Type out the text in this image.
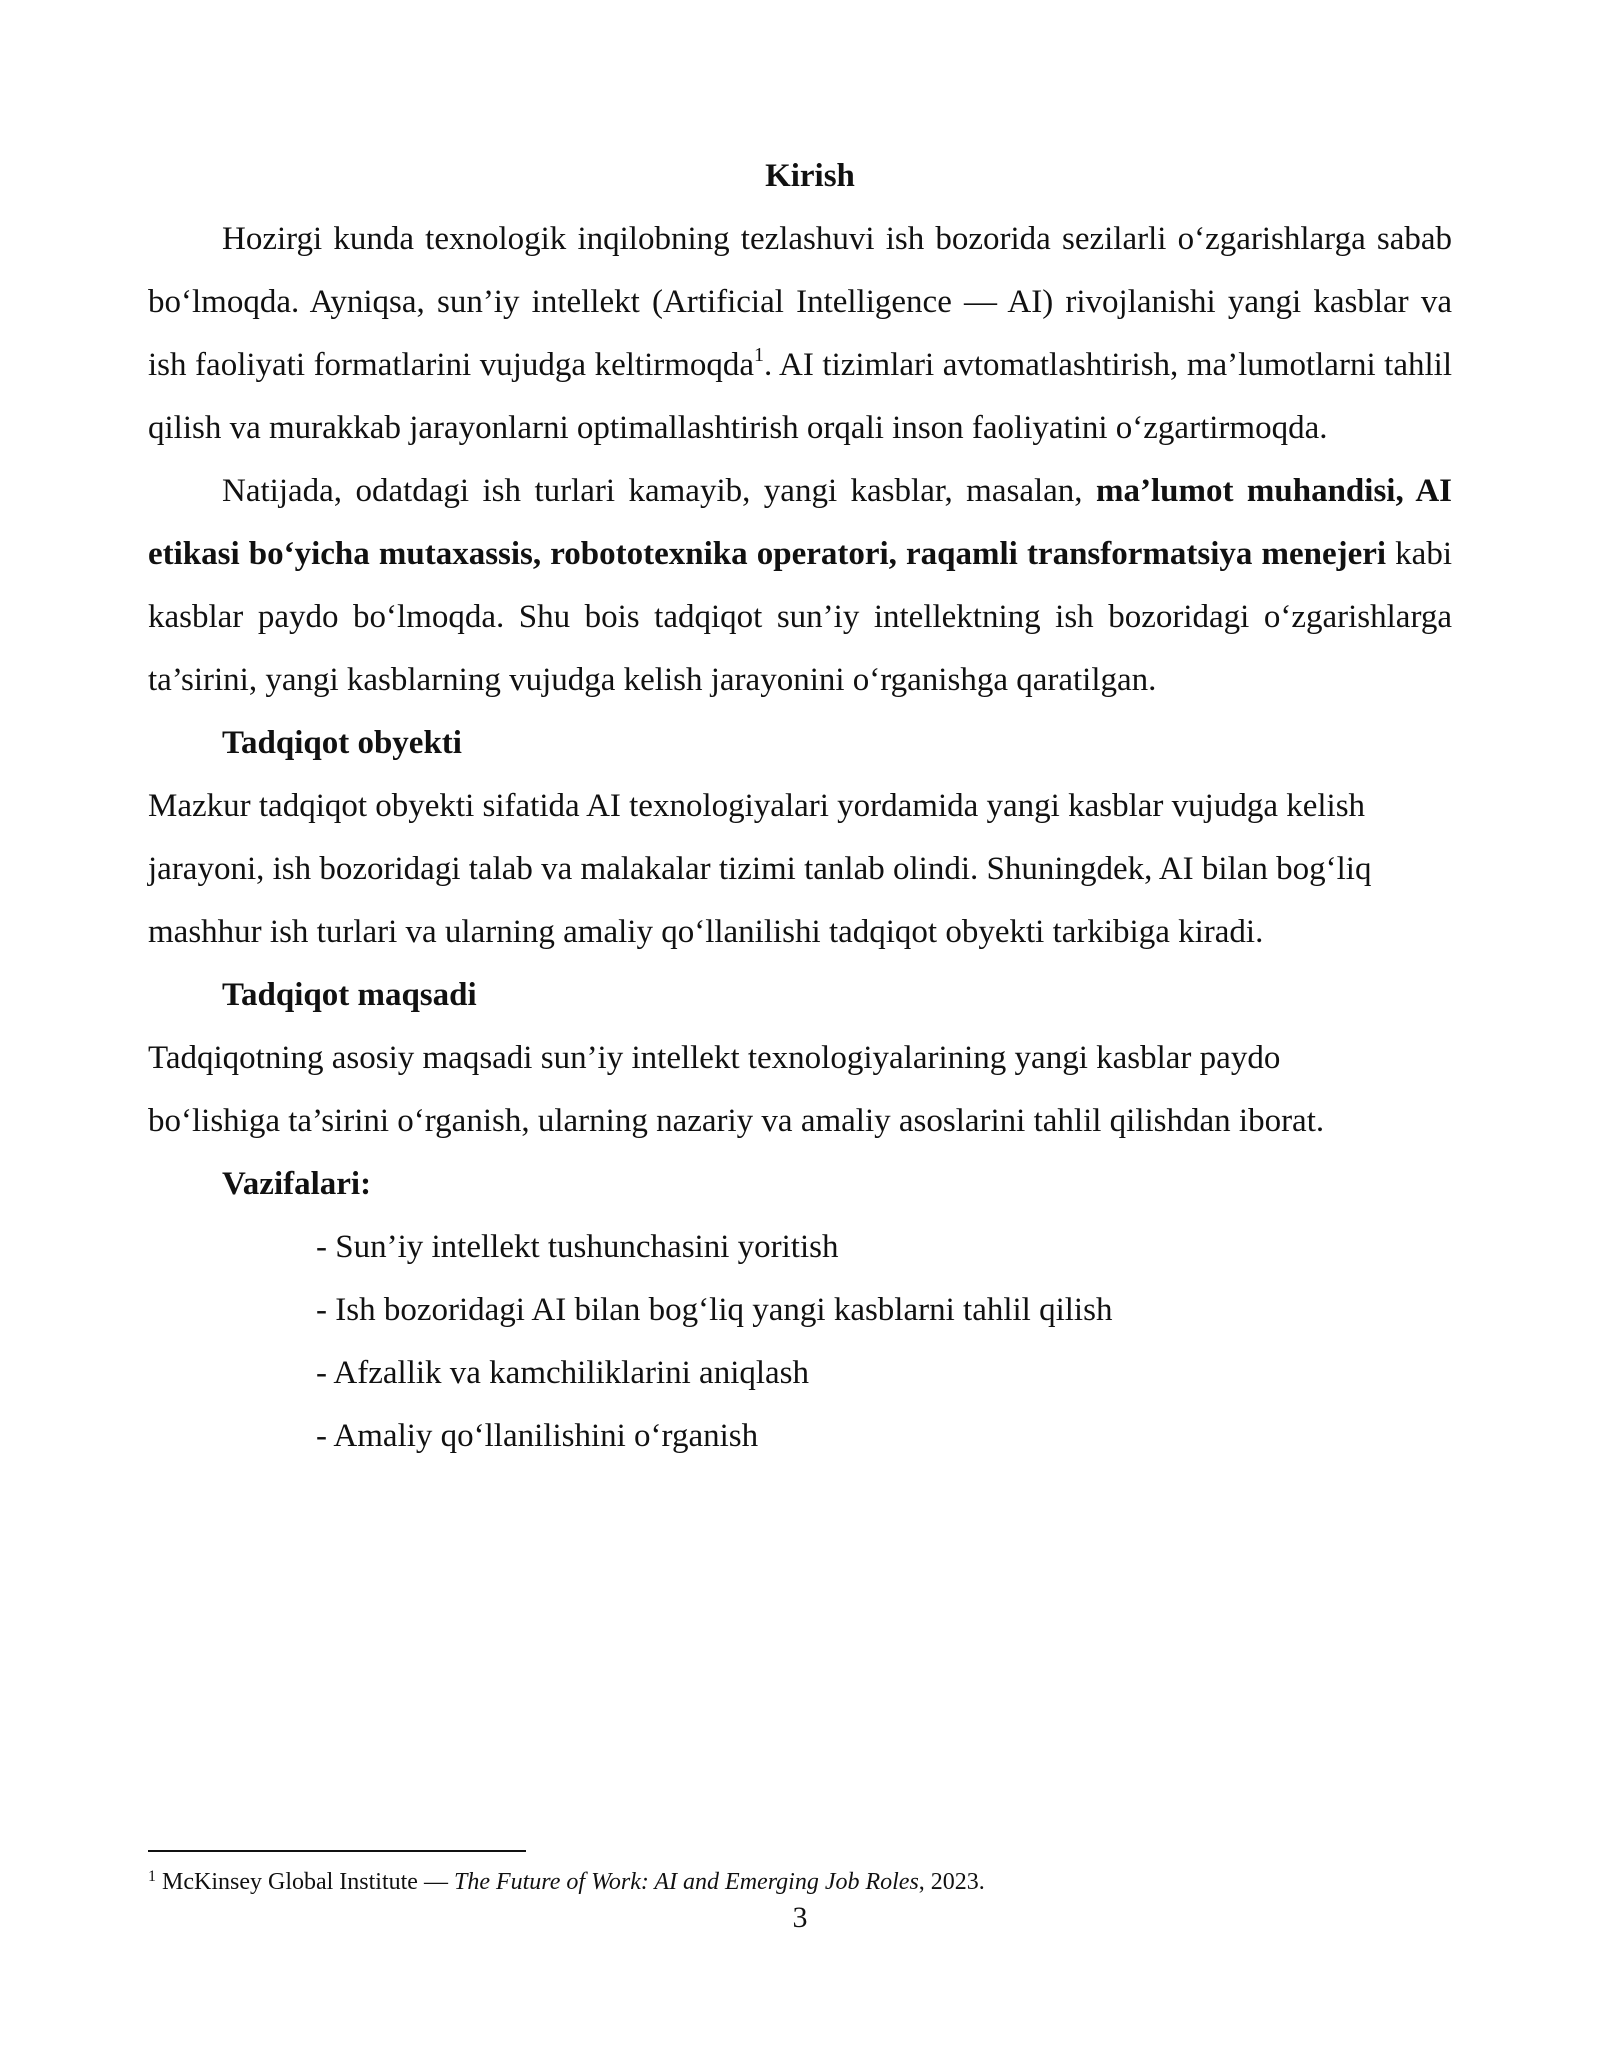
Kirish

Hozirgi kunda texnologik inqilobning tezlashuvi ish bozorida sezilarli o‘zgarishlarga sabab bo‘lmoqda. Ayniqsa, sun’iy intellekt (Artificial Intelligence — AI) rivojlanishi yangi kasblar va ish faoliyati formatlarini vujudga keltirmoqda$^1$. AI tizimlari avtomatlashtirish, ma’lumotlarni tahlil qilish va murakkab jarayonlarni optimallashtirish orqali inson faoliyatini o‘zgartirmoqda.

Natijada, odatdagi ish turlari kamayib, yangi kasblar, masalan, ma’lumot muhandisi, AI etikasi bo‘yicha mutaxassis, robototexnika operatori, raqamli transformatsiya menejeri kabi kasblar paydo bo‘lmoqda. Shu bois tadqiqot sun’iy intellektning ish bozoridagi o‘zgarishlarga ta’sirini, yangi kasblarning vujudga kelish jarayonini o‘rganishga qaratilgan.

Tadqiqot obyekti

Mazkur tadqiqot obyekti sifatida AI texnologiyalari yordamida yangi kasblar vujudga kelish jarayoni, ish bozoridagi talab va malakalar tizimi tanlab olindi. Shuningdek, AI bilan bog‘liq mashhur ish turlari va ularning amaliy qo‘llanilishi tadqiqot obyekti tarkibiga kiradi.

Tadqiqot maqsadi

Tadqiqotning asosiy maqsadi sun’iy intellekt texnologiyalarining yangi kasblar paydo bo‘lishiga ta’sirini o‘rganish, ularning nazariy va amaliy asoslarini tahlil qilishdan iborat.

Vazifalari:
- Sun’iy intellekt tushunchasini yoritish
- Ish bozoridagi AI bilan bog‘liq yangi kasblarni tahlil qilish
- Afzallik va kamchiliklarini aniqlash
- Amaliy qo‘llanilishini o‘rganish
$^1$ McKinsey Global Institute — The Future of Work: AI and Emerging Job Roles, 2023.
3
